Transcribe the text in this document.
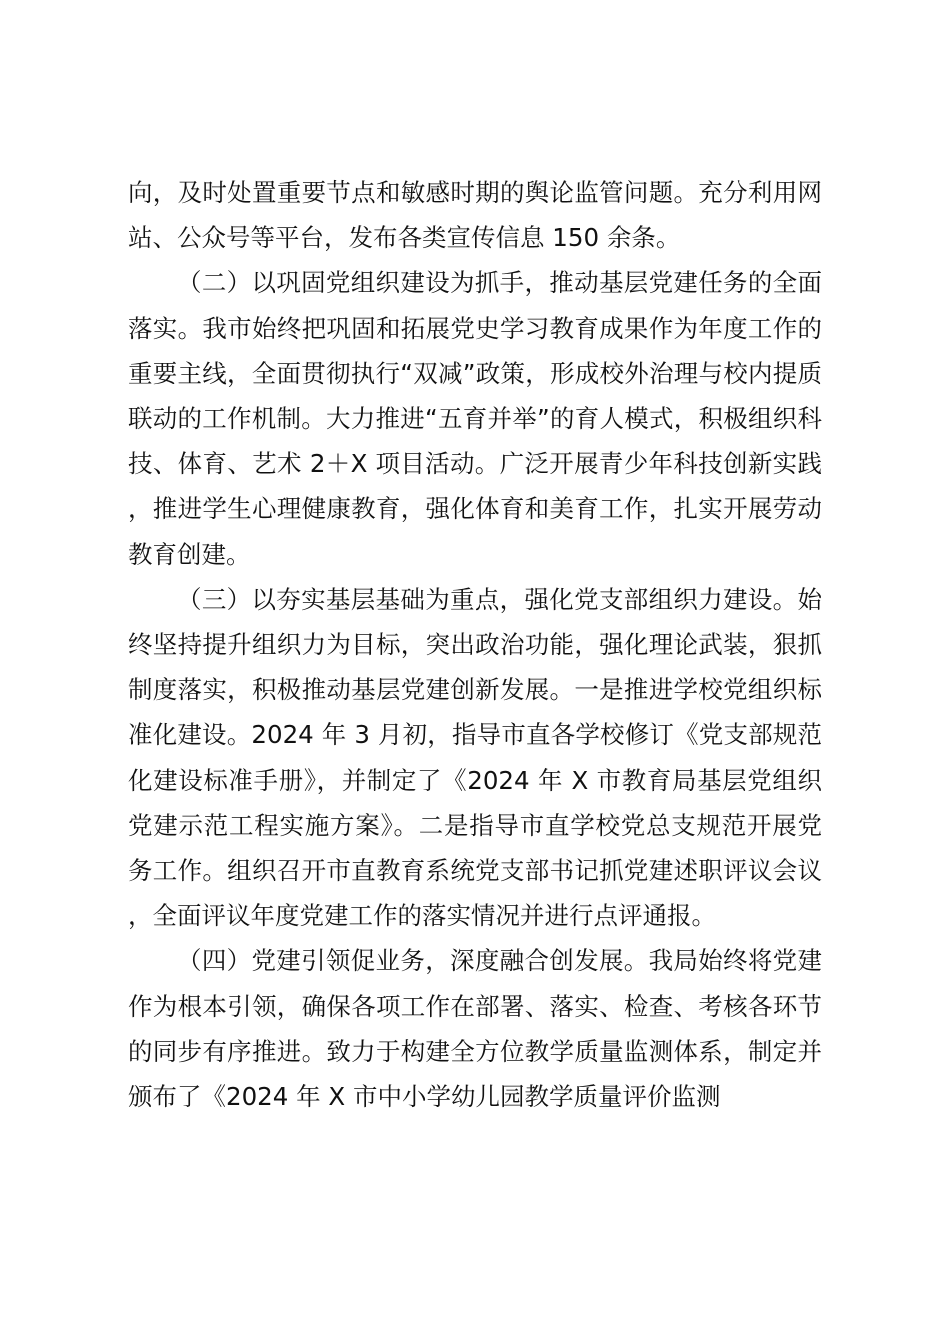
向，及时处置重要节点和敏感时期的舆论监管问题。充分利用网站、公众号等平台，发布各类宣传信息 150 余条。

（二）以巩固党组织建设为抓手，推动基层党建任务的全面落实。我市始终把巩固和拓展党史学习教育成果作为年度工作的重要主线，全面贯彻执行“双减”政策，形成校外治理与校内提质联动的工作机制。大力推进“五育并举”的育人模式，积极组织科技、体育、艺术 2＋X 项目活动。广泛开展青少年科技创新实践，推进学生心理健康教育，强化体育和美育工作，扎实开展劳动教育创建。

（三）以夯实基层基础为重点，强化党支部组织力建设。始终坚持提升组织力为目标，突出政治功能，强化理论武装，狠抓制度落实，积极推动基层党建创新发展。一是推进学校党组织标准化建设。2024 年 3 月初，指导市直各学校修订《党支部规范化建设标准手册》，并制定了《2024 年 X 市教育局基层党组织党建示范工程实施方案》。二是指导市直学校党总支规范开展党务工作。组织召开市直教育系统党支部书记抓党建述职评议会议，全面评议年度党建工作的落实情况并进行点评通报。

（四）党建引领促业务，深度融合创发展。我局始终将党建作为根本引领，确保各项工作在部署、落实、检查、考核各环节的同步有序推进。致力于构建全方位教学质量监测体系，制定并颁布了《2024 年 X 市中小学幼儿园教学质量评价监测
